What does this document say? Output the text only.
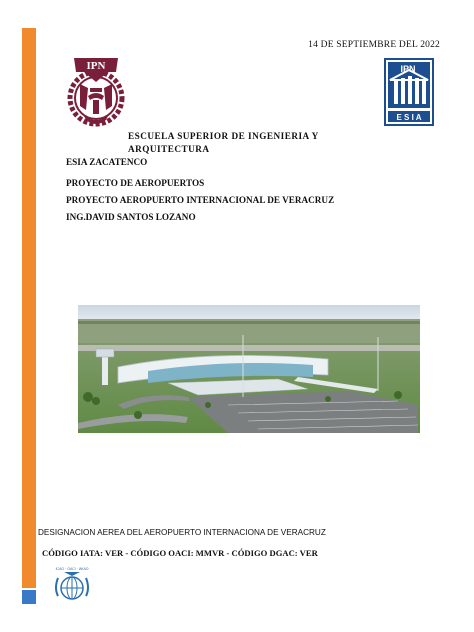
14 DE SEPTIEMBRE DEL 2022
IPN	IPN
E S I A
ESCUELA SUPERIOR DE INGENIERIA Y ARQUITECTURA
ESIA ZACATENCO
PROYECTO DE AEROPUERTOS
PROYECTO AEROPUERTO INTERNACIONAL DE VERACRUZ
ING.DAVID SANTOS LOZANO
DESIGNACION AEREA DEL AEROPUERTO INTERNACIONA DE VERACRUZ
CÓDIGO IATA: VER - CÓDIGO OACI: MMVR - CÓDIGO DGAC: VER
ICAO · OACI · ИКАО
